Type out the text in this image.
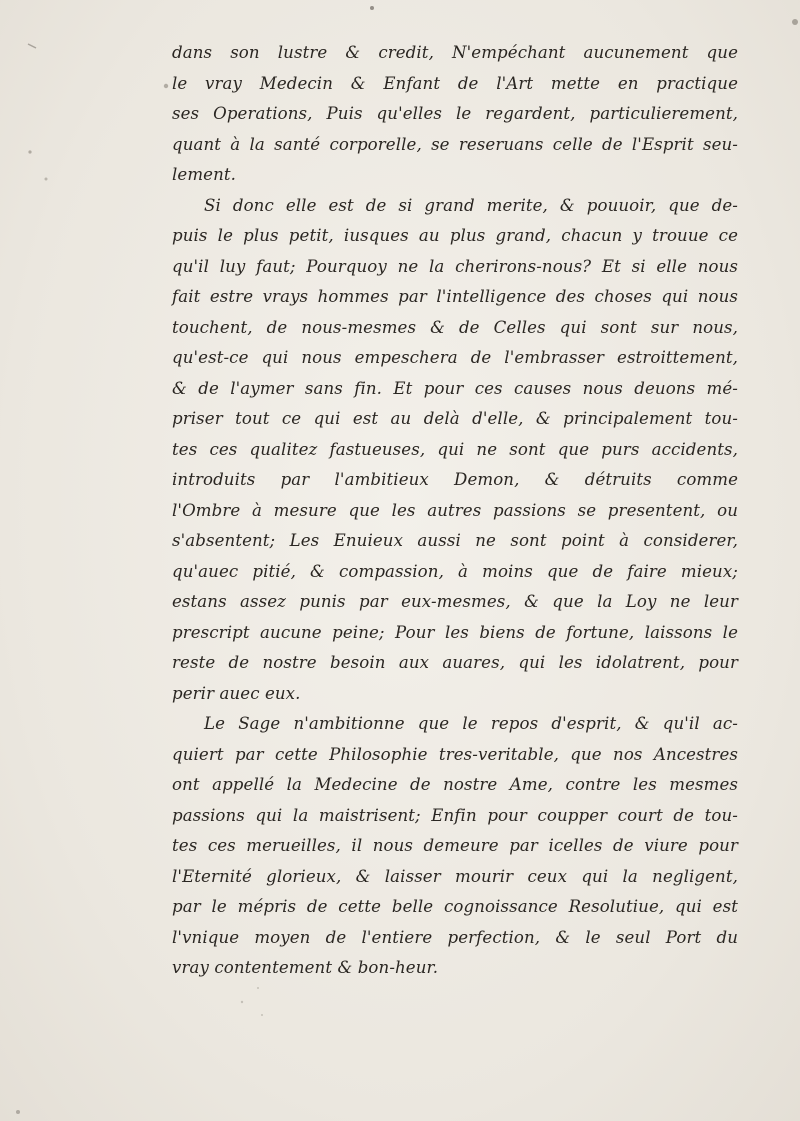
dans son lustre & credit, N'empéchant aucunement que
le vray Medecin & Enfant de l'Art mette en practique
ses Operations, Puis qu'elles le regardent, particulierement,
quant à la santé corporelle, se reseruans celle de l'Esprit seu-
lement.
Si donc elle est de si grand merite, & pouuoir, que de-
puis le plus petit, iusques au plus grand, chacun y trouue ce
qu'il luy faut; Pourquoy ne la cherirons-nous? Et si elle nous
fait estre vrays hommes par l'intelligence des choses qui nous
touchent, de nous-mesmes & de Celles qui sont sur nous,
qu'est-ce qui nous empeschera de l'embrasser estroittement,
& de l'aymer sans fin. Et pour ces causes nous deuons mé-
priser tout ce qui est au delà d'elle, & principalement tou-
tes ces qualitez fastueuses, qui ne sont que purs accidents,
introduits par l'ambitieux Demon, & détruits comme
l'Ombre à mesure que les autres passions se presentent, ou
s'absentent; Les Enuieux aussi ne sont point à considerer,
qu'auec pitié, & compassion, à moins que de faire mieux;
estans assez punis par eux-mesmes, & que la Loy ne leur
prescript aucune peine; Pour les biens de fortune, laissons le
reste de nostre besoin aux auares, qui les idolatrent, pour
perir auec eux.
Le Sage n'ambitionne que le repos d'esprit, & qu'il ac-
quiert par cette Philosophie tres-veritable, que nos Ancestres
ont appellé la Medecine de nostre Ame, contre les mesmes
passions qui la maistrisent; Enfin pour coupper court de tou-
tes ces merueilles, il nous demeure par icelles de viure pour
l'Eternité glorieux, & laisser mourir ceux qui la negligent,
par le mépris de cette belle cognoissance Resolutiue, qui est
l'vnique moyen de l'entiere perfection, & le seul Port du
vray contentement & bon-heur.
